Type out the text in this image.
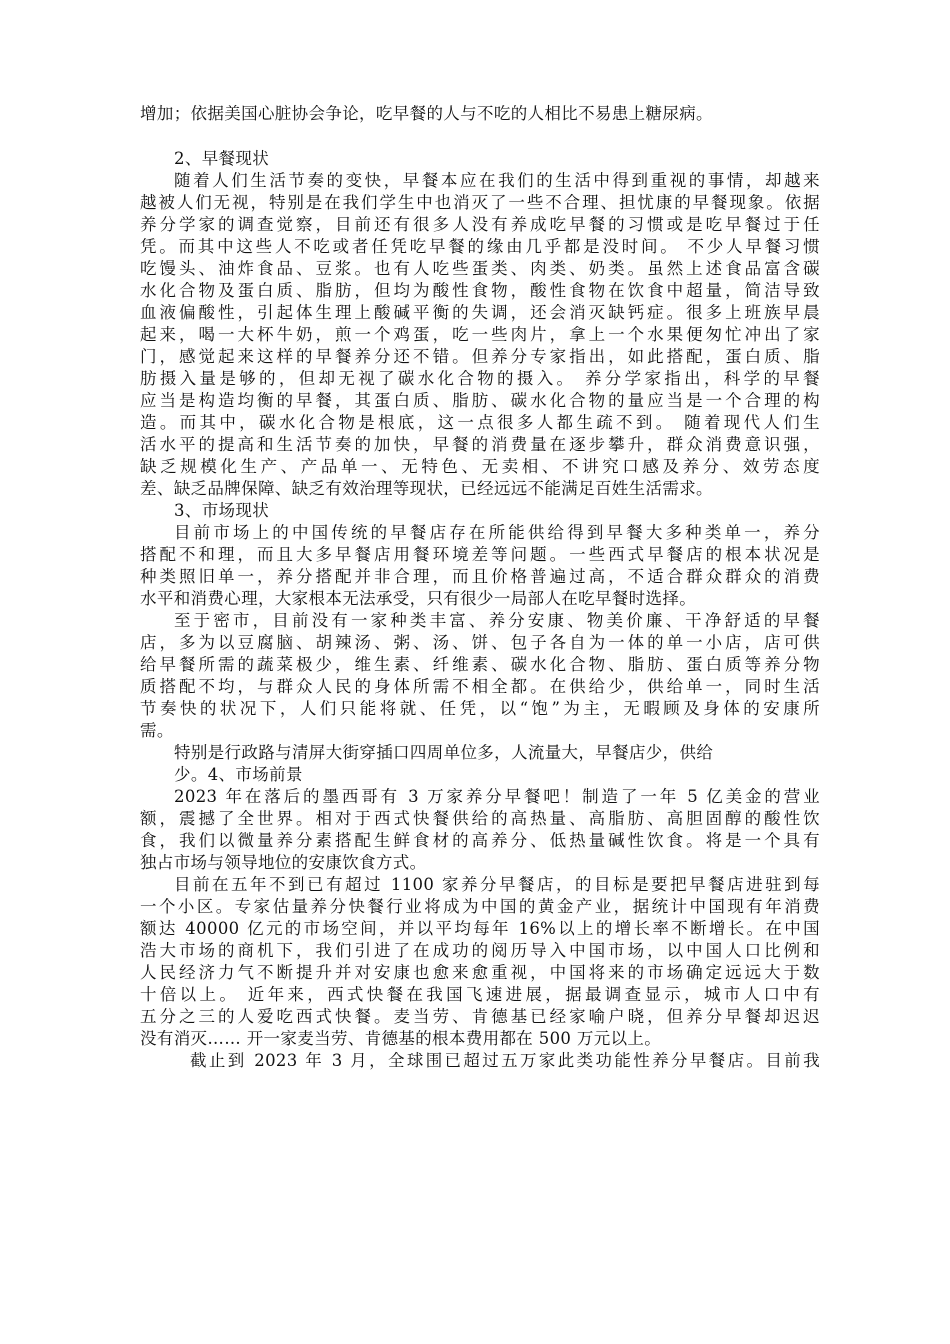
增加；依据美国心脏协会争论，吃早餐的人与不吃的人相比不易患上糖尿病。
2、早餐现状
随着人们生活节奏的变快，早餐本应在我们的生活中得到重视的事情，却越来
越被人们无视，特别是在我们学生中也消灭了一些不合理、担忧康的早餐现象。依据
养分学家的调查觉察，目前还有很多人没有养成吃早餐的习惯或是吃早餐过于任
凭。而其中这些人不吃或者任凭吃早餐的缘由几乎都是没时间。 不少人早餐习惯
吃馒头、油炸食品、豆浆。也有人吃些蛋类、肉类、奶类。虽然上述食品富含碳
水化合物及蛋白质、脂肪，但均为酸性食物，酸性食物在饮食中超量，简洁导致
血液偏酸性，引起体生理上酸碱平衡的失调，还会消灭缺钙症。很多上班族早晨
起来，喝一大杯牛奶，煎一个鸡蛋，吃一些肉片，拿上一个水果便匆忙冲出了家
门，感觉起来这样的早餐养分还不错。但养分专家指出，如此搭配，蛋白质、脂
肪摄入量是够的，但却无视了碳水化合物的摄入。 养分学家指出，科学的早餐
应当是构造均衡的早餐，其蛋白质、脂肪、碳水化合物的量应当是一个合理的构
造。而其中，碳水化合物是根底，这一点很多人都生疏不到。 随着现代人们生
活水平的提高和生活节奏的加快，早餐的消费量在逐步攀升，群众消费意识强，
缺乏规模化生产、产品单一、无特色、无卖相、不讲究口感及养分、效劳态度
差、缺乏品牌保障、缺乏有效治理等现状，已经远远不能满足百姓生活需求。
3、市场现状
目前市场上的中国传统的早餐店存在所能供给得到早餐大多种类单一，养分
搭配不和理，而且大多早餐店用餐环境差等问题。一些西式早餐店的根本状况是
种类照旧单一，养分搭配并非合理，而且价格普遍过高，不适合群众群众的消费
水平和消费心理，大家根本无法承受，只有很少一局部人在吃早餐时选择。
至于密市，目前没有一家种类丰富、养分安康、物美价廉、干净舒适的早餐
店，多为以豆腐脑、胡辣汤、粥、汤、饼、包子各自为一体的单一小店，店可供
给早餐所需的蔬菜极少，维生素、纤维素、碳水化合物、脂肪、蛋白质等养分物
质搭配不均，与群众人民的身体所需不相全都。在供给少，供给单一，同时生活
节奏快的状况下，人们只能将就、任凭，以“饱”为主，无暇顾及身体的安康所
需。
特别是行政路与清屏大街穿插口四周单位多，人流量大，早餐店少，供给
少。4、市场前景
2023 年在落后的墨西哥有 3 万家养分早餐吧！制造了一年 5 亿美金的营业
额，震撼了全世界。相对于西式快餐供给的高热量、高脂肪、高胆固醇的酸性饮
食，我们以微量养分素搭配生鲜食材的高养分、低热量碱性饮食。将是一个具有
独占市场与领导地位的安康饮食方式。
目前在五年不到已有超过 1100 家养分早餐店，的目标是要把早餐店进驻到每
一个小区。专家估量养分快餐行业将成为中国的黄金产业，据统计中国现有年消费
额达 40000 亿元的市场空间，并以平均每年 16%以上的增长率不断增长。在中国
浩大市场的商机下，我们引进了在成功的阅历导入中国市场，以中国人口比例和
人民经济力气不断提升并对安康也愈来愈重视，中国将来的市场确定远远大于数
十倍以上。 近年来，西式快餐在我国飞速进展，据最调查显示，城市人口中有
五分之三的人爱吃西式快餐。麦当劳、肯德基已经家喻户晓，但养分早餐却迟迟
没有消灭…… 开一家麦当劳、肯德基的根本费用都在 500 万元以上。
截止到 2023 年 3 月，全球围已超过五万家此类功能性养分早餐店。目前我
